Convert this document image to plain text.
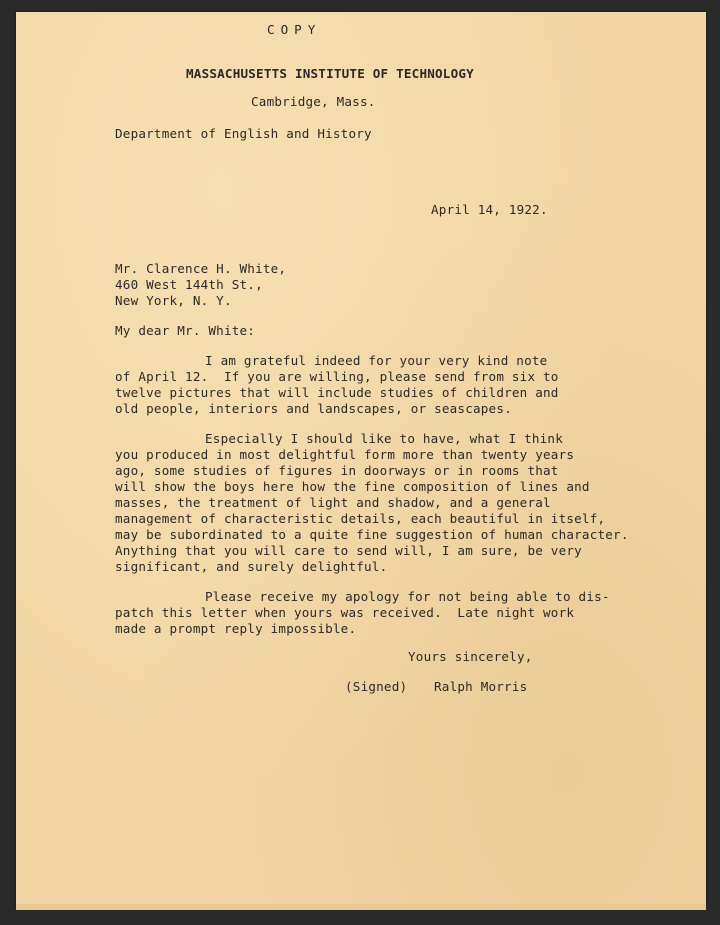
COPY
MASSACHUSETTS INSTITUTE OF TECHNOLOGY
Cambridge, Mass.
Department of English and History
April 14, 1922.
Mr. Clarence H. White,
460 West 144th St.,
New York, N. Y.
My dear Mr. White:
I am grateful indeed for your very kind note
of April 12.  If you are willing, please send from six to
twelve pictures that will include studies of children and
old people, interiors and landscapes, or seascapes.
Especially I should like to have, what I think
you produced in most delightful form more than twenty years
ago, some studies of figures in doorways or in rooms that
will show the boys here how the fine composition of lines and
masses, the treatment of light and shadow, and a general
management of characteristic details, each beautiful in itself,
may be subordinated to a quite fine suggestion of human character.
Anything that you will care to send will, I am sure, be very
significant, and surely delightful.
Please receive my apology for not being able to dis-
patch this letter when yours was received.  Late night work
made a prompt reply impossible.
Yours sincerely,
(Signed) Ralph Morris
